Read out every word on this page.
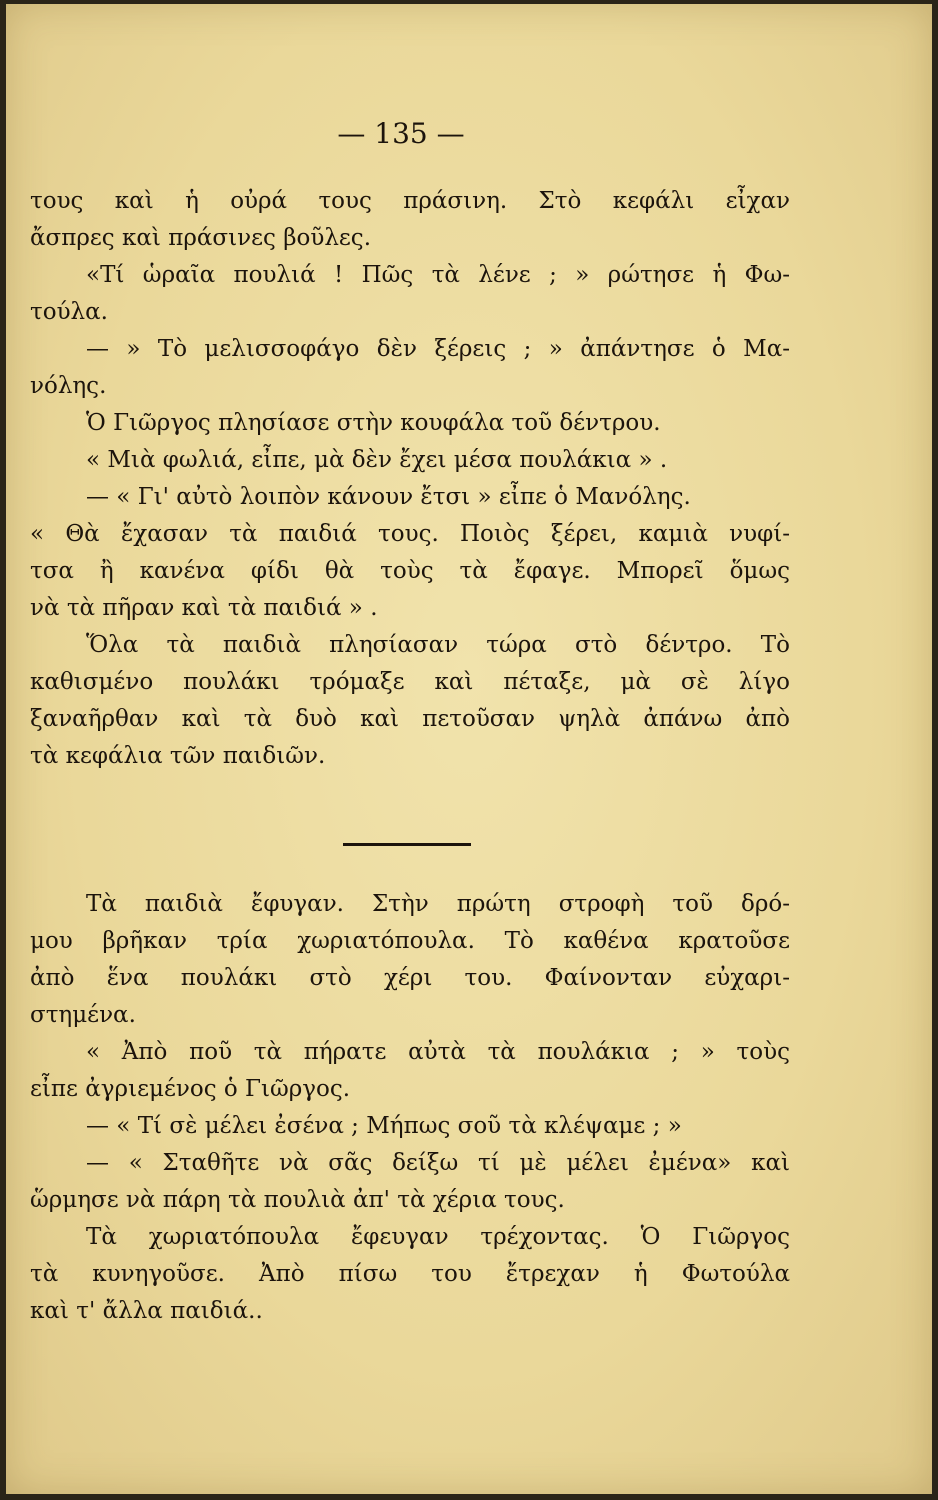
— 135 —
τους καὶ ἡ οὐρά τους πράσινη. Στὸ κεφάλι εἶχαν
ἄσπρες καὶ πράσινες βοῦλες.
«Τί ὡραῖα πουλιά ! Πῶς τὰ λένε ; » ρώτησε ἡ Φω-
τούλα.
— » Τὸ μελισσοφάγο δὲν ξέρεις ; » ἀπάντησε ὁ Μα-
νόλης.
Ὁ Γιῶργος πλησίασε στὴν κουφάλα τοῦ δέντρου.
« Μιὰ φωλιά, εἶπε, μὰ δὲν ἔχει μέσα πουλάκια » .
— « Γι' αὐτὸ λοιπὸν κάνουν ἔτσι » εἶπε ὁ Μανόλης.
« Θὰ ἔχασαν τὰ παιδιά τους. Ποιὸς ξέρει, καμιὰ νυφί-
τσα ἢ κανένα φίδι θὰ τοὺς τὰ ἔφαγε. Μπορεῖ ὅμως
νὰ τὰ πῆραν καὶ τὰ παιδιά » .
Ὅλα τὰ παιδιὰ πλησίασαν τώρα στὸ δέντρο. Τὸ
καθισμένο πουλάκι τρόμαξε καὶ πέταξε, μὰ σὲ λίγο
ξαναῆρθαν καὶ τὰ δυὸ καὶ πετοῦσαν ψηλὰ ἀπάνω ἀπὸ
τὰ κεφάλια τῶν παιδιῶν.
Τὰ παιδιὰ ἔφυγαν. Στὴν πρώτη στροφὴ τοῦ δρό-
μου βρῆκαν τρία χωριατόπουλα. Τὸ καθένα κρατοῦσε
ἀπὸ ἕνα πουλάκι στὸ χέρι του. Φαίνονταν εὐχαρι-
στημένα.
« Ἀπὸ ποῦ τὰ πήρατε αὐτὰ τὰ πουλάκια ; » τοὺς
εἶπε ἀγριεμένος ὁ Γιῶργος.
— « Τί σὲ μέλει ἐσένα ; Μήπως σοῦ τὰ κλέψαμε ; »
— « Σταθῆτε νὰ σᾶς δείξω τί μὲ μέλει ἐμένα» καὶ
ὥρμησε νὰ πάρη τὰ πουλιὰ ἀπ' τὰ χέρια τους.
Τὰ χωριατόπουλα ἔφευγαν τρέχοντας. Ὁ Γιῶργος
τὰ κυνηγοῦσε. Ἀπὸ πίσω του ἔτρεχαν ἡ Φωτούλα
καὶ τ' ἄλλα παιδιά..
